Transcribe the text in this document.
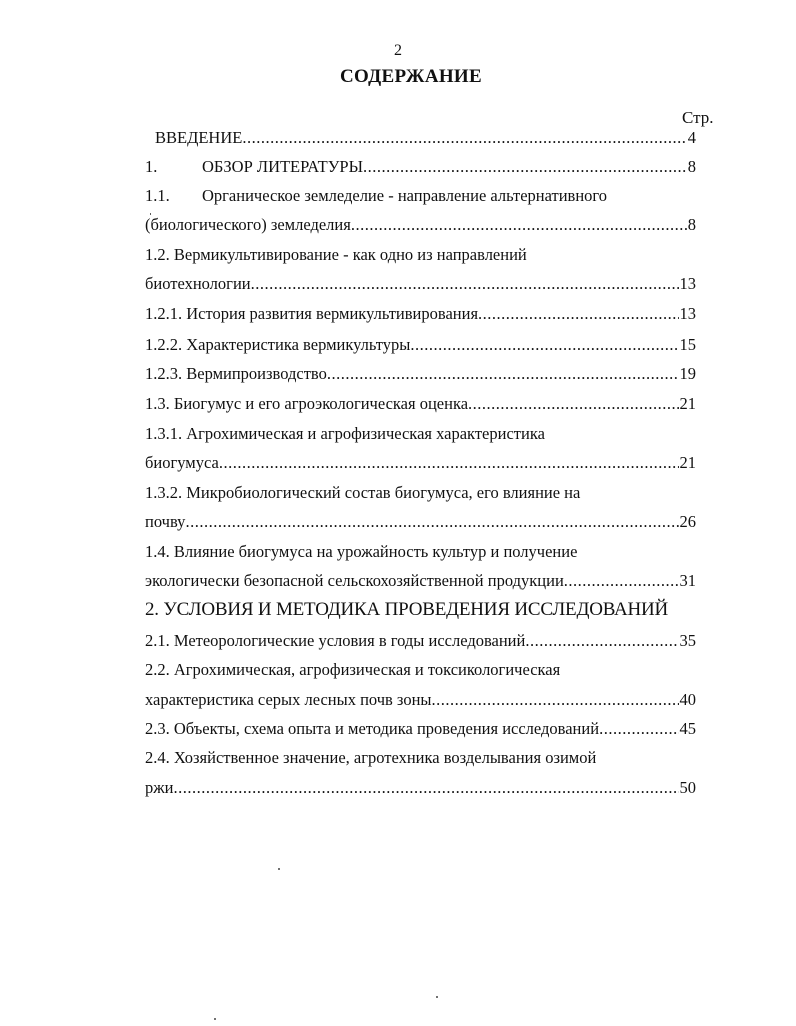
2
СОДЕРЖАНИЕ
Стр.
ВВЕДЕНИЕ .....	4
1.	ОБЗОР ЛИТЕРАТУРЫ .....	8
1.1.	Органическое земледелие - направление альтернативного
(биологического) земледелия .....	8
1.2. Вермикультивирование - как одно из направлений
биотехнологии .....	13
1.2.1. История развития вермикультивирования .....	13
1.2.2. Характеристика вермикультуры .....	15
1.2.3. Вермипроизводство .....	19
1.3. Биогумус и его агроэкологическая оценка .....	21
1.3.1. Агрохимическая и агрофизическая характеристика
биогумуса .....	21
1.3.2. Микробиологический состав биогумуса, его влияние на
почву .....	26
1.4. Влияние биогумуса на урожайность культур и получение
экологически безопасной сельскохозяйственной продукции .....	31
2. УСЛОВИЯ И МЕТОДИКА ПРОВЕДЕНИЯ ИССЛЕДОВАНИЙ
2.1. Метеорологические условия в годы исследований .....	35
2.2. Агрохимическая, агрофизическая и токсикологическая
характеристика серых лесных почв зоны .....	40
2.3. Объекты, схема опыта и методика проведения исследований .....	45
2.4. Хозяйственное значение, агротехника возделывания озимой
ржи .....	50
